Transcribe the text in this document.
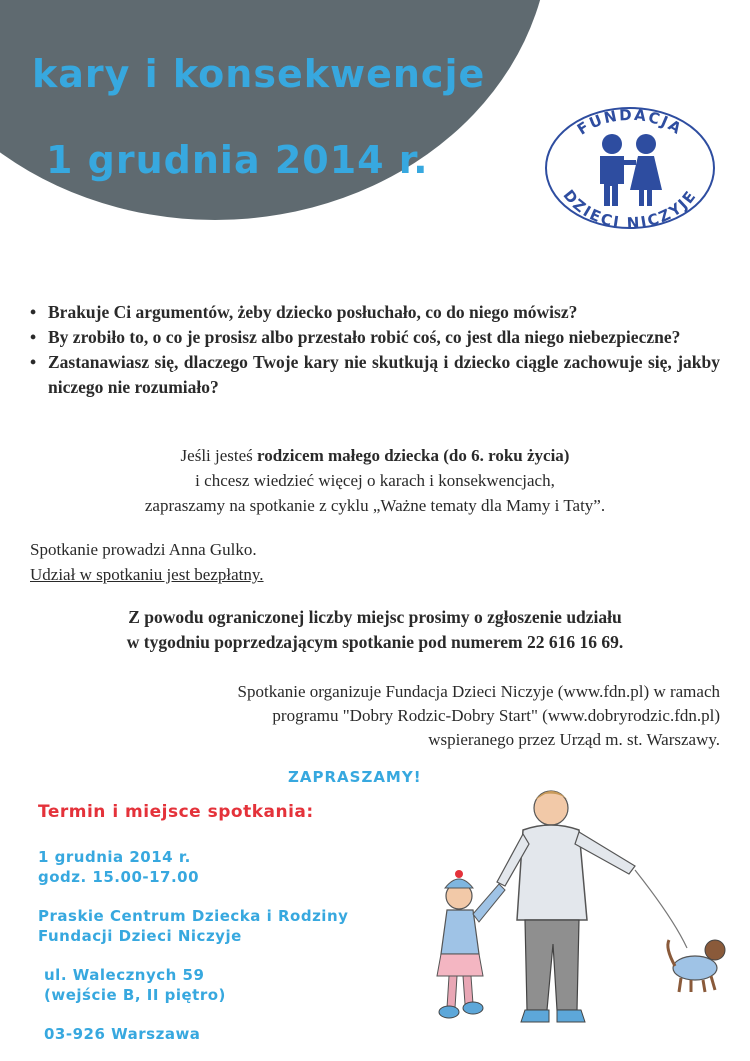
kary i konsekwencje
1 grudnia 2014 r.
FUNDACJA
DZIECI NICZYJE
• Brakuje Ci argumentów, żeby dziecko posłuchało, co do niego mówisz?
• By zrobiło to, o co je prosisz albo przestało robić coś, co jest dla niego niebezpieczne?
• Zastanawiasz się, dlaczego Twoje kary nie skutkują i dziecko ciągle zachowuje się, jakby niczego nie rozumiało?
Jeśli jesteś rodzicem małego dziecka (do 6. roku życia)
i chcesz wiedzieć więcej o karach i konsekwencjach,
zapraszamy na spotkanie z cyklu „Ważne tematy dla Mamy i Taty”.
Spotkanie prowadzi Anna Gulko.
Udział w spotkaniu jest bezpłatny.
Z powodu ograniczonej liczby miejsc prosimy o zgłoszenie udziału
w tygodniu poprzedzającym spotkanie pod numerem 22 616 16 69.
Spotkanie organizuje Fundacja Dzieci Niczyje (www.fdn.pl) w ramach
programu "Dobry Rodzic-Dobry Start" (www.dobryrodzic.fdn.pl)
wspieranego przez Urząd m. st. Warszawy.
ZAPRASZAMY!
Termin i miejsce spotkania:
1 grudnia 2014 r.
godz. 15.00-17.00
Praskie Centrum Dziecka i Rodziny
Fundacji Dzieci Niczyje
ul. Walecznych 59
(wejście B, II piętro)
03-926 Warszawa
